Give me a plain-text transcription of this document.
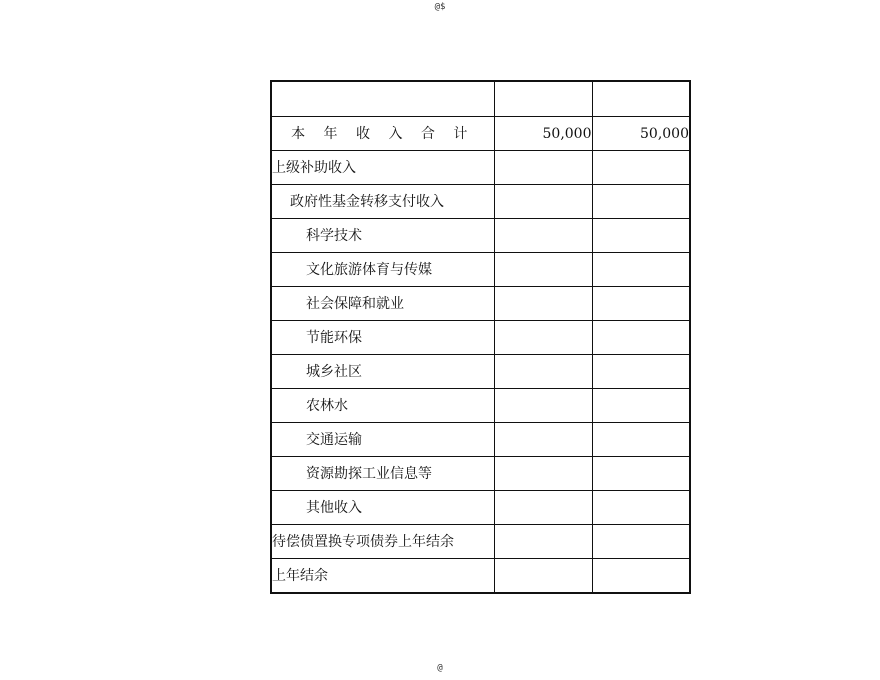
@$

本 年 收 入 合 计	50,000	50,000
上级补助收入		
政府性基金转移支付收入		
科学技术		
文化旅游体育与传媒		
社会保障和就业		
节能环保		
城乡社区		
农林水		
交通运输		
资源勘探工业信息等		
其他收入		
待偿债置换专项债券上年结余		
上年结余		
@
